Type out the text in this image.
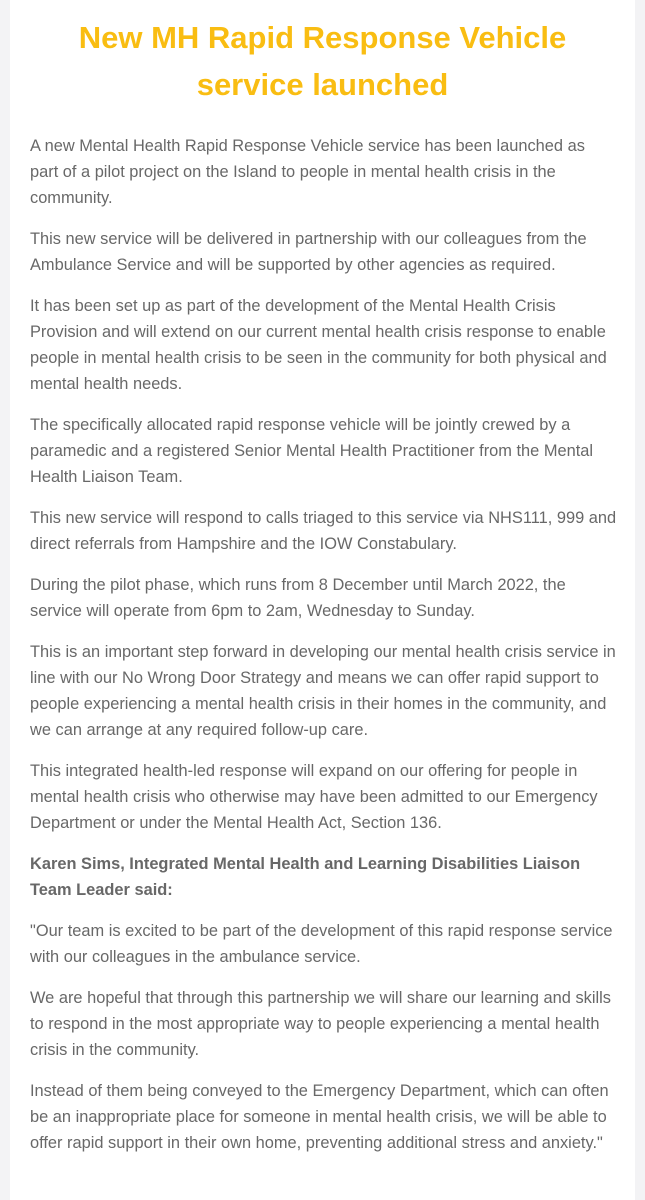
New MH Rapid Response Vehicle service launched

A new Mental Health Rapid Response Vehicle service has been launched as part of a pilot project on the Island to people in mental health crisis in the community.

This new service will be delivered in partnership with our colleagues from the Ambulance Service and will be supported by other agencies as required.

It has been set up as part of the development of the Mental Health Crisis Provision and will extend on our current mental health crisis response to enable people in mental health crisis to be seen in the community for both physical and mental health needs.

The specifically allocated rapid response vehicle will be jointly crewed by a paramedic and a registered Senior Mental Health Practitioner from the Mental Health Liaison Team.

This new service will respond to calls triaged to this service via NHS111, 999 and direct referrals from Hampshire and the IOW Constabulary.

During the pilot phase, which runs from 8 December until March 2022, the service will operate from 6pm to 2am, Wednesday to Sunday.

This is an important step forward in developing our mental health crisis service in line with our No Wrong Door Strategy and means we can offer rapid support to people experiencing a mental health crisis in their homes in the community, and we can arrange at any required follow-up care.

This integrated health-led response will expand on our offering for people in mental health crisis who otherwise may have been admitted to our Emergency Department or under the Mental Health Act, Section 136.

Karen Sims, Integrated Mental Health and Learning Disabilities Liaison Team Leader said:

"Our team is excited to be part of the development of this rapid response service with our colleagues in the ambulance service.

We are hopeful that through this partnership we will share our learning and skills to respond in the most appropriate way to people experiencing a mental health crisis in the community.

Instead of them being conveyed to the Emergency Department, which can often be an inappropriate place for someone in mental health crisis, we will be able to offer rapid support in their own home, preventing additional stress and anxiety."
